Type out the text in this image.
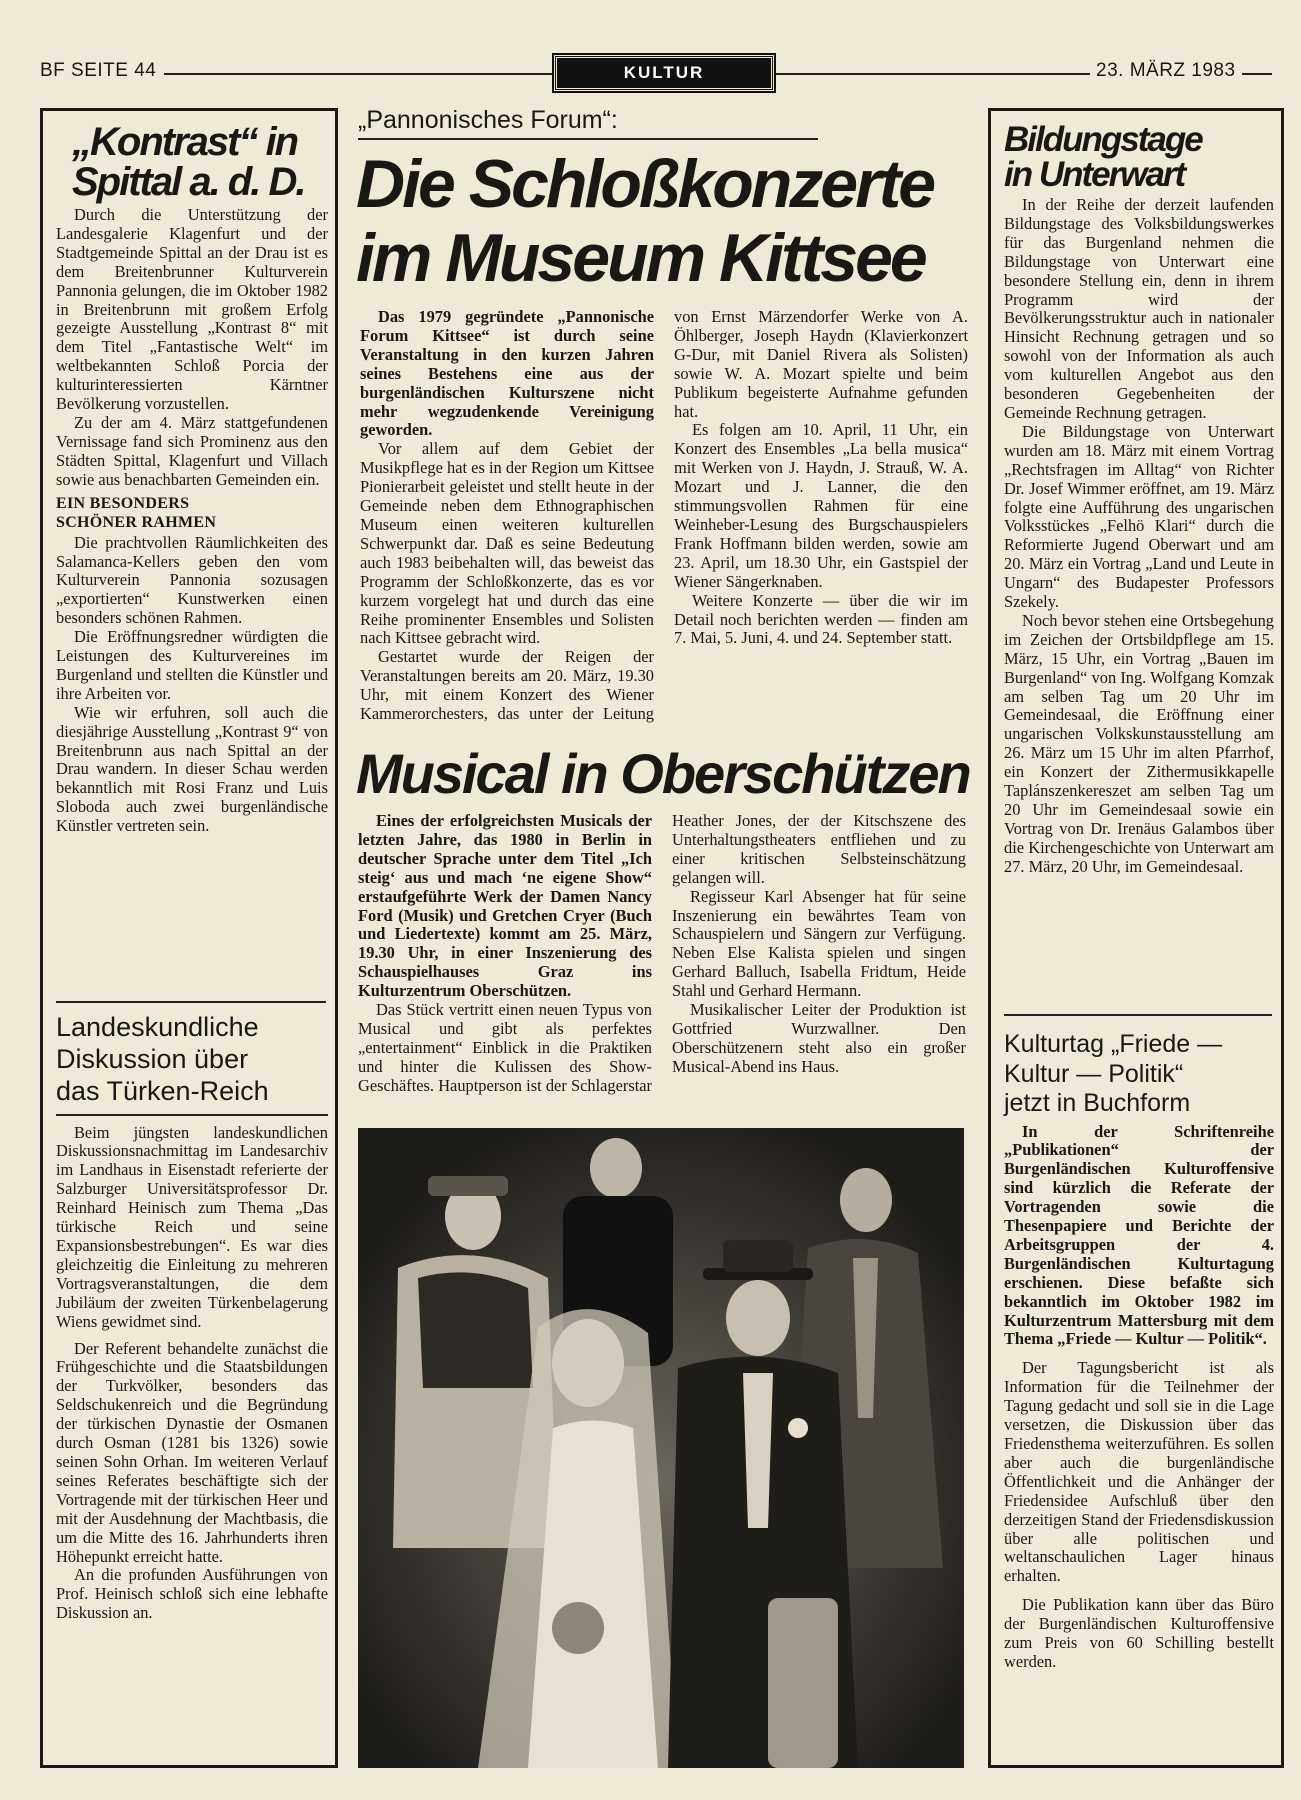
BF SEITE 44	KULTUR	23. MÄRZ 1983
„Kontrast“ in
Spittal a. d. D.

Durch die Unterstützung der Landesgalerie Klagenfurt und der Stadtgemeinde Spittal an der Drau ist es dem Breitenbrunner Kulturverein Pannonia gelungen, die im Oktober 1982 in Breitenbrunn mit großem Erfolg gezeigte Ausstellung „Kontrast 8“ mit dem Titel „Fantastische Welt“ im weltbekannten Schloß Porcia der kulturinteressierten Kärntner Bevölkerung vorzustellen.

Zu der am 4. März stattgefundenen Vernissage fand sich Prominenz aus den Städten Spittal, Klagenfurt und Villach sowie aus benachbarten Gemeinden ein.

EIN BESONDERS
SCHÖNER RAHMEN

Die prachtvollen Räumlichkeiten des Salamanca-Kellers geben den vom Kulturverein Pannonia sozusagen „exportierten“ Kunstwerken einen besonders schönen Rahmen.

Die Eröffnungsredner würdigten die Leistungen des Kulturvereines im Burgenland und stellten die Künstler und ihre Arbeiten vor.

Wie wir erfuhren, soll auch die diesjährige Ausstellung „Kontrast 9“ von Breitenbrunn aus nach Spittal an der Drau wandern. In dieser Schau werden bekanntlich mit Rosi Franz und Luis Sloboda auch zwei burgenländische Künstler vertreten sein.

Landeskundliche
Diskussion über
das Türken-Reich

Beim jüngsten landeskundlichen Diskussionsnachmittag im Landesarchiv im Landhaus in Eisenstadt referierte der Salzburger Universitätsprofessor Dr. Reinhard Heinisch zum Thema „Das türkische Reich und seine Expansionsbestrebungen“. Es war dies gleichzeitig die Einleitung zu mehreren Vortragsveranstaltungen, die dem Jubiläum der zweiten Türkenbelagerung Wiens gewidmet sind.

Der Referent behandelte zunächst die Frühgeschichte und die Staatsbildungen der Turkvölker, besonders das Seldschukenreich und die Begründung der türkischen Dynastie der Osmanen durch Osman (1281 bis 1326) sowie seinen Sohn Orhan. Im weiteren Verlauf seines Referates beschäftigte sich der Vortragende mit der türkischen Heer und mit der Ausdehnung der Machtbasis, die um die Mitte des 16. Jahrhunderts ihren Höhepunkt erreicht hatte.

An die profunden Ausführungen von Prof. Heinisch schloß sich eine lebhafte Diskussion an.

„Pannonisches Forum“:
Die Schloßkonzerte
im Museum Kittsee

Das 1979 gegründete „Pannonische Forum Kittsee“ ist durch seine Veranstaltung in den kurzen Jahren seines Bestehens eine aus der burgenländischen Kulturszene nicht mehr wegzudenkende Vereinigung geworden.

Vor allem auf dem Gebiet der Musikpflege hat es in der Region um Kittsee Pionierarbeit geleistet und stellt heute in der Gemeinde neben dem Ethnographischen Museum einen weiteren kulturellen Schwerpunkt dar. Daß es seine Bedeutung auch 1983 beibehalten will, das beweist das Programm der Schloßkonzerte, das es vor kurzem vorgelegt hat und durch das eine Reihe prominenter Ensembles und Solisten nach Kittsee gebracht wird.

Gestartet wurde der Reigen der Veranstaltungen bereits am 20. März, 19.30 Uhr, mit einem Konzert des Wiener Kammerorchesters, das unter der Leitung von Ernst Märzendorfer Werke von A. Öhlberger, Joseph Haydn (Klavierkonzert G-Dur, mit Daniel Rivera als Solisten) sowie W. A. Mozart spielte und beim Publikum begeisterte Aufnahme gefunden hat.

Es folgen am 10. April, 11 Uhr, ein Konzert des Ensembles „La bella musica“ mit Werken von J. Haydn, J. Strauß, W. A. Mozart und J. Lanner, die den stimmungsvollen Rahmen für eine Weinheber-Lesung des Burgschauspielers Frank Hoffmann bilden werden, sowie am 23. April, um 18.30 Uhr, ein Gastspiel der Wiener Sängerknaben.

Weitere Konzerte — über die wir im Detail noch berichten werden — finden am 7. Mai, 5. Juni, 4. und 24. September statt.

Musical in Oberschützen

Eines der erfolgreichsten Musicals der letzten Jahre, das 1980 in Berlin in deutscher Sprache unter dem Titel „Ich steig‘ aus und mach ‘ne eigene Show“ erstaufgeführte Werk der Damen Nancy Ford (Musik) und Gretchen Cryer (Buch und Liedertexte) kommt am 25. März, 19.30 Uhr, in einer Inszenierung des Schauspielhauses Graz ins Kulturzentrum Oberschützen.

Das Stück vertritt einen neuen Typus von Musical und gibt als perfektes „entertainment“ Einblick in die Praktiken und hinter die Kulissen des Show-Geschäftes. Hauptperson ist der Schlagerstar Heather Jones, der der Kitschszene des Unterhaltungstheaters entfliehen und zu einer kritischen Selbsteinschätzung gelangen will.

Regisseur Karl Absenger hat für seine Inszenierung ein bewährtes Team von Schauspielern und Sängern zur Verfügung. Neben Else Kalista spielen und singen Gerhard Balluch, Isabella Fridtum, Heide Stahl und Gerhard Hermann.

Musikalischer Leiter der Produktion ist Gottfried Wurzwallner. Den Oberschützenern steht also ein großer Musical-Abend ins Haus.

Bildungstage
in Unterwart

In der Reihe der derzeit laufenden Bildungstage des Volksbildungswerkes für das Burgenland nehmen die Bildungstage von Unterwart eine besondere Stellung ein, denn in ihrem Programm wird der Bevölkerungsstruktur auch in nationaler Hinsicht Rechnung getragen und so sowohl von der Information als auch vom kulturellen Angebot aus den besonderen Gegebenheiten der Gemeinde Rechnung getragen.

Die Bildungstage von Unterwart wurden am 18. März mit einem Vortrag „Rechtsfragen im Alltag“ von Richter Dr. Josef Wimmer eröffnet, am 19. März folgte eine Aufführung des ungarischen Volksstückes „Felhö Klari“ durch die Reformierte Jugend Oberwart und am 20. März ein Vortrag „Land und Leute in Ungarn“ des Budapester Professors Szekely.

Noch bevor stehen eine Ortsbegehung im Zeichen der Ortsbildpflege am 15. März, 15 Uhr, ein Vortrag „Bauen im Burgenland“ von Ing. Wolfgang Komzak am selben Tag um 20 Uhr im Gemeindesaal, die Eröffnung einer ungarischen Volkskunstausstellung am 26. März um 15 Uhr im alten Pfarrhof, ein Konzert der Zithermusikkapelle Taplánszenkereszet am selben Tag um 20 Uhr im Gemeindesaal sowie ein Vortrag von Dr. Irenäus Galambos über die Kirchengeschichte von Unterwart am 27. März, 20 Uhr, im Gemeindesaal.

Kulturtag „Friede —
Kultur — Politik“
jetzt in Buchform

In der Schriftenreihe „Publikationen“ der Burgenländischen Kulturoffensive sind kürzlich die Referate der Vortragenden sowie die Thesenpapiere und Berichte der Arbeitsgruppen der 4. Burgenländischen Kulturtagung erschienen. Diese befaßte sich bekanntlich im Oktober 1982 im Kulturzentrum Mattersburg mit dem Thema „Friede — Kultur — Politik“.

Der Tagungsbericht ist als Information für die Teilnehmer der Tagung gedacht und soll sie in die Lage versetzen, die Diskussion über das Friedensthema weiterzuführen. Es sollen aber auch die burgenländische Öffentlichkeit und die Anhänger der Friedensidee Aufschluß über den derzeitigen Stand der Friedensdiskussion über alle politischen und weltanschaulichen Lager hinaus erhalten.

Die Publikation kann über das Büro der Burgenländischen Kulturoffensive zum Preis von 60 Schilling bestellt werden.
